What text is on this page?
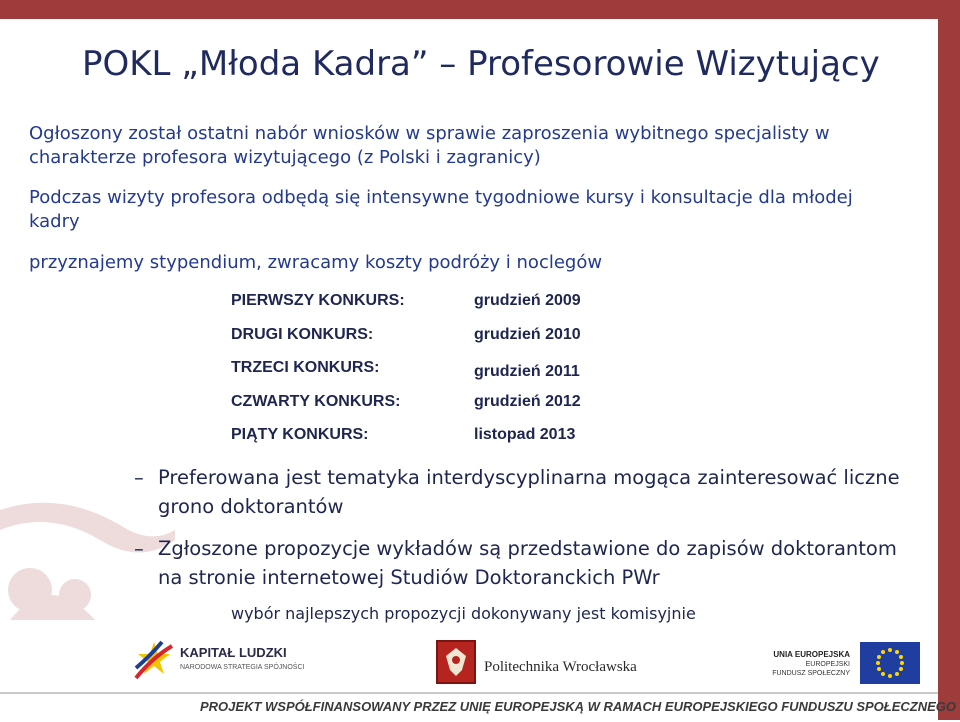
POKL „Młoda Kadra” – Profesorowie Wizytujący
Ogłoszony został ostatni nabór wniosków w sprawie zaproszenia wybitnego specjalisty w charakterze profesora wizytującego (z Polski i zagranicy)
Podczas wizyty profesora odbędą się intensywne tygodniowe kursy i konsultacje dla młodej kadry
przyznajemy stypendium, zwracamy koszty podróży i noclegów
PIERWSZY KONKURS:	grudzień 2009
DRUGI KONKURS:	grudzień 2010
TRZECI KONKURS:	grudzień 2011
CZWARTY KONKURS:	grudzień 2012
PIĄTY KONKURS:	listopad 2013
– Preferowana jest tematyka interdyscyplinarna mogąca zainteresować liczne grono doktorantów
– Zgłoszone propozycje wykładów są przedstawione do zapisów doktorantom na stronie internetowej Studiów Doktoranckich PWr
wybór najlepszych propozycji dokonywany jest komisyjnie
KAPITAŁ LUDZKI
NARODOWA STRATEGIA SPÓJNOŚCI	Politechnika Wrocławska
UNIA EUROPEJSKA
EUROPEJSKI
FUNDUSZ SPOŁECZNY
PROJEKT WSPÓŁFINANSOWANY PRZEZ UNIĘ EUROPEJSKĄ W RAMACH EUROPEJSKIEGO FUNDUSZU SPOŁECZNEGO
